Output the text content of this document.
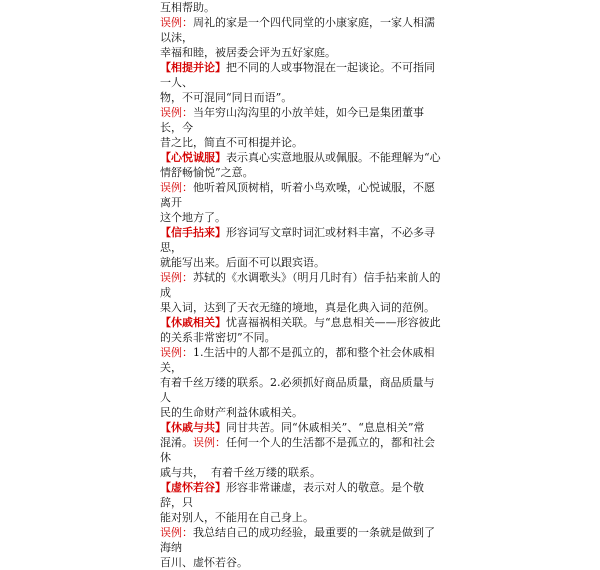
互相帮助。

误例：周礼的家是一个四代同堂的小康家庭，一家人相濡以沫，

幸福和睦，被居委会评为五好家庭。

【相提并论】把不同的人或事物混在一起谈论。不可指同一人、

物，不可混同“同日而语”。

误例：当年穷山沟沟里的小放羊娃，如今已是集团董事长，今

昔之比，简直不可相提并论。

【心悦诚服】表示真心实意地服从或佩服。不能理解为“心

情舒畅愉悦”之意。

误例：他听着风顶树梢，听着小鸟欢噪，心悦诚服，不愿离开

这个地方了。

【信手拈来】形容词写文章时词汇或材料丰富，不必多寻思，

就能写出来。后面不可以跟宾语。

误例：苏轼的《水调歌头》（明月几时有）信手拈来前人的成

果入词，达到了天衣无缝的境地，真是化典入词的范例。

【休戚相关】忧喜福祸相关联。与“息息相关——形容彼此

的关系非常密切”不同。

误例：1.生活中的人都不是孤立的，都和整个社会休戚相关，

有着千丝万缕的联系。2.必须抓好商品质量，商品质量与人

民的生命财产利益休戚相关。

【休戚与共】同甘共苦。同“休戚相关”、“息息相关”常

混淆。误例：任何一个人的生活都不是孤立的，都和社会休

戚与共，  有着千丝万缕的联系。

【虚怀若谷】形容非常谦虚，表示对人的敬意。是个敬辞，只

能对别人，不能用在自己身上。

误例：我总结自己的成功经验，最重要的一条就是做到了海纳

百川、虚怀若谷。
